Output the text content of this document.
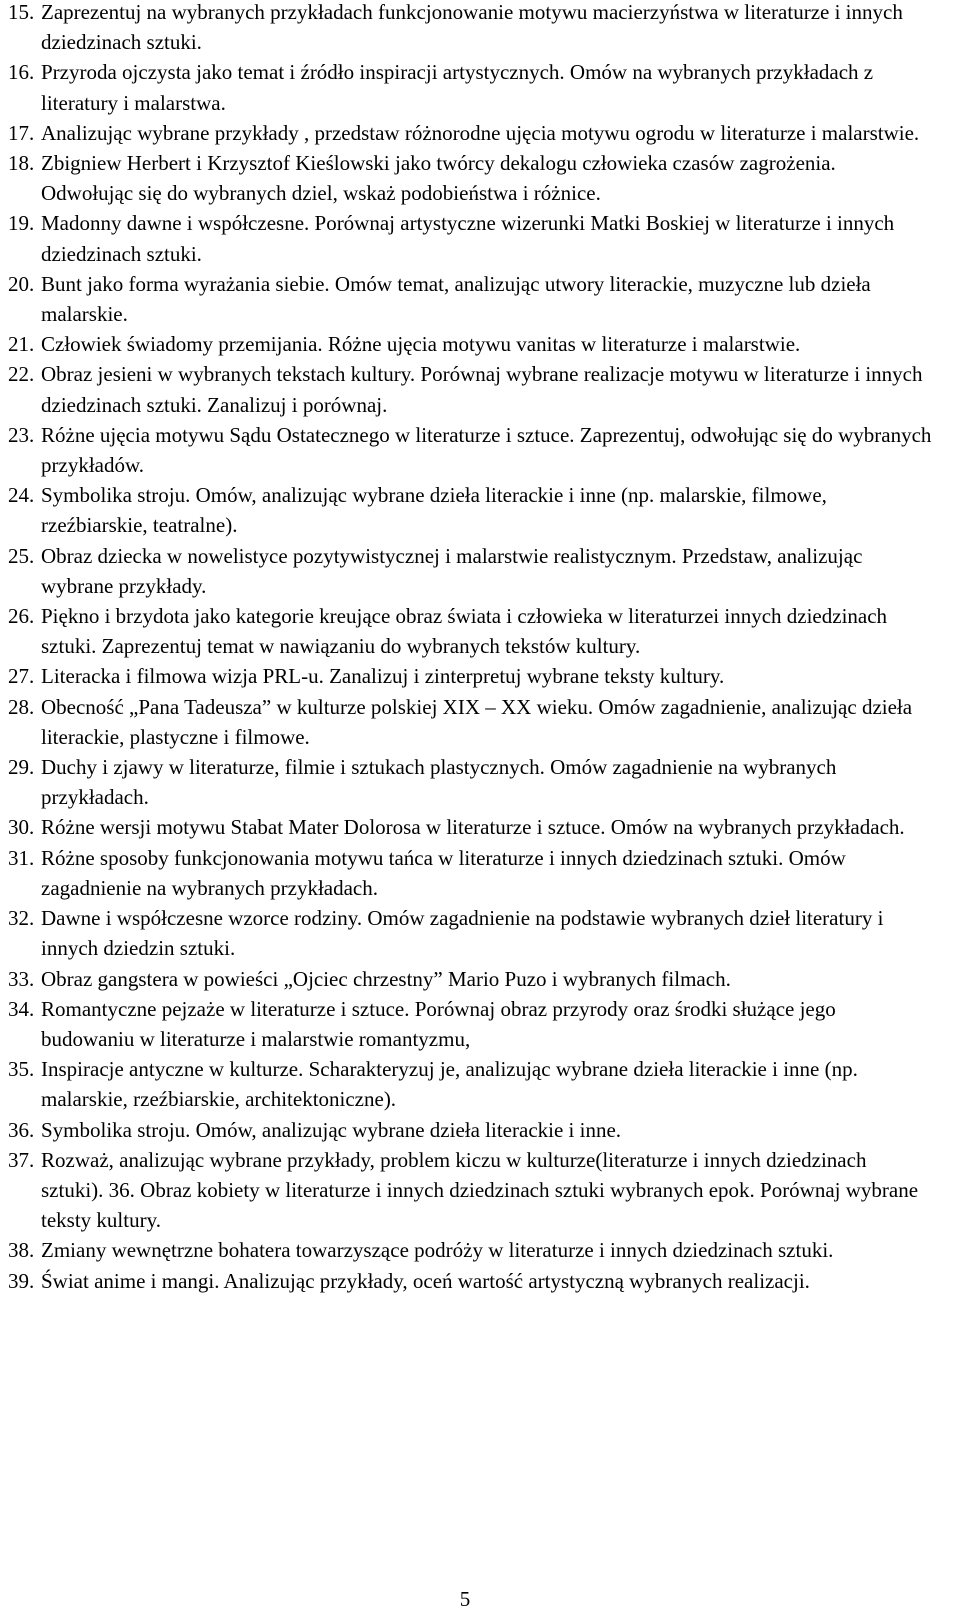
15. Zaprezentuj na wybranych przykładach funkcjonowanie motywu macierzyństwa w literaturze i innych dziedzinach sztuki.
16. Przyroda ojczysta jako temat i źródło inspiracji artystycznych. Omów na wybranych przykładach z literatury i malarstwa.
17. Analizując wybrane przykłady , przedstaw różnorodne ujęcia motywu ogrodu w literaturze i malarstwie.
18. Zbigniew Herbert i Krzysztof Kieślowski jako twórcy dekalogu człowieka czasów zagrożenia. Odwołując się do wybranych dziel, wskaż podobieństwa i różnice.
19. Madonny dawne i współczesne. Porównaj artystyczne wizerunki Matki Boskiej w literaturze i innych dziedzinach sztuki.
20. Bunt jako forma wyrażania siebie. Omów temat, analizując utwory literackie, muzyczne lub dzieła malarskie.
21. Człowiek świadomy przemijania. Różne ujęcia motywu vanitas w literaturze i malarstwie.
22. Obraz jesieni w wybranych tekstach kultury. Porównaj wybrane realizacje motywu w literaturze i innych dziedzinach sztuki. Zanalizuj i porównaj.
23. Różne ujęcia motywu Sądu Ostatecznego w literaturze i sztuce. Zaprezentuj, odwołując się do wybranych przykładów.
24. Symbolika stroju. Omów, analizując wybrane dzieła literackie i inne (np. malarskie, filmowe, rzeźbiarskie, teatralne).
25. Obraz dziecka w nowelistyce pozytywistycznej i malarstwie realistycznym. Przedstaw, analizując wybrane przykłady.
26. Piękno i brzydota jako kategorie kreujące obraz świata i człowieka w literaturzei innych dziedzinach sztuki. Zaprezentuj temat w nawiązaniu do wybranych tekstów kultury.
27. Literacka i filmowa wizja PRL-u. Zanalizuj i zinterpretuj wybrane teksty kultury.
28. Obecność „Pana Tadeusza” w kulturze polskiej XIX – XX wieku. Omów zagadnienie, analizując dzieła literackie, plastyczne i filmowe.
29. Duchy i zjawy w literaturze, filmie i sztukach plastycznych. Omów zagadnienie na wybranych przykładach.
30. Różne wersji motywu Stabat Mater Dolorosa w literaturze i sztuce. Omów na wybranych przykładach.
31. Różne sposoby funkcjonowania motywu tańca w literaturze i innych dziedzinach sztuki. Omów zagadnienie na wybranych przykładach.
32. Dawne i współczesne wzorce rodziny. Omów zagadnienie na podstawie wybranych dzieł literatury i innych dziedzin sztuki.
33. Obraz gangstera w powieści „Ojciec chrzestny” Mario Puzo i wybranych filmach.
34. Romantyczne pejzaże w literaturze i sztuce. Porównaj obraz przyrody oraz środki służące jego budowaniu w literaturze i malarstwie romantyzmu,
35. Inspiracje antyczne w kulturze. Scharakteryzuj je, analizując wybrane dzieła literackie i inne (np. malarskie, rzeźbiarskie, architektoniczne).
36. Symbolika stroju. Omów, analizując wybrane dzieła literackie i inne.
37. Rozważ, analizując wybrane przykłady, problem kiczu w kulturze(literaturze i innych dziedzinach sztuki). 36. Obraz kobiety w literaturze i innych dziedzinach sztuki wybranych epok. Porównaj wybrane teksty kultury.
38. Zmiany wewnętrzne bohatera towarzyszące podróży w literaturze i innych dziedzinach sztuki.
39. Świat anime i mangi. Analizując przykłady, oceń wartość artystyczną wybranych realizacji.
5
